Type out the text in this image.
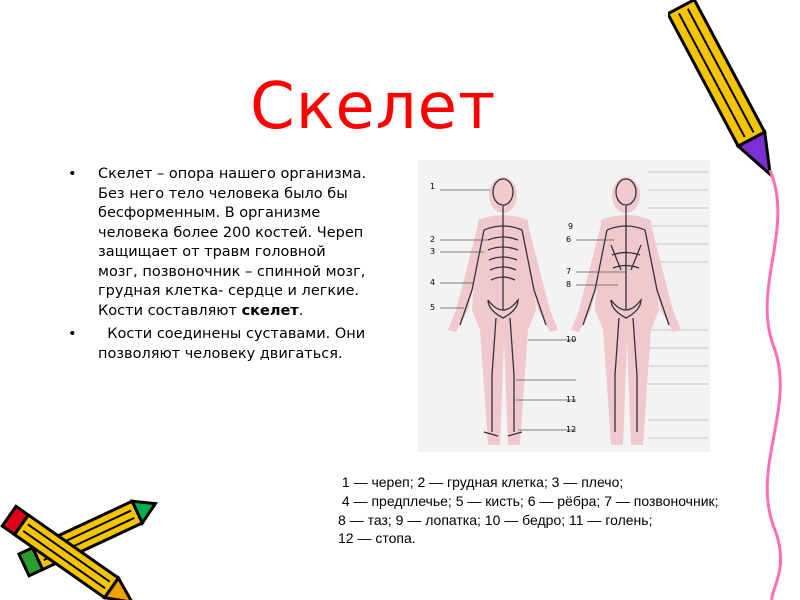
Скелет
• Скелет – опора нашего организма. Без него тело человека было бы бесформенным. В организме человека более 200 костей. Череп защищает от травм головной мозг, позвоночник – спинной мозг, грудная клетка- сердце и легкие. Кости составляют скелет.
• Кости соединены суставами. Они позволяют человеку двигаться.
1
2
3
4
5
6
7
8
9
10
11
12
1 — череп; 2 — грудная клетка; 3 — плечо;
4 — предплечье; 5 — кисть; 6 — рёбра; 7 — позвоночник;
8 — таз; 9 — лопатка; 10 — бедро; 11 — голень;
12 — стопа.
